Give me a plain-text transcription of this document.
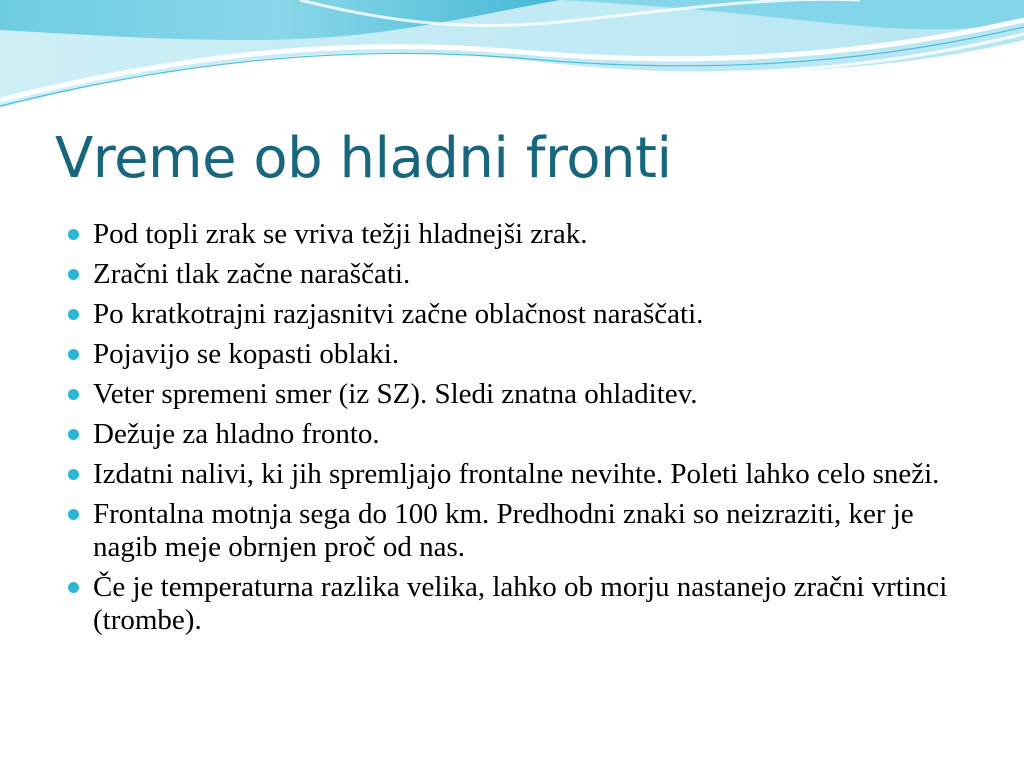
Vreme ob hladni fronti
Pod topli zrak se vriva težji hladnejši zrak.
Zračni tlak začne naraščati.
Po kratkotrajni razjasnitvi začne oblačnost naraščati.
Pojavijo se kopasti oblaki.
Veter spremeni smer (iz SZ). Sledi znatna ohladitev.
Dežuje za hladno fronto.
Izdatni nalivi, ki jih spremljajo frontalne nevihte. Poleti lahko celo sneži.
Frontalna motnja sega do 100 km. Predhodni znaki so neizraziti, ker je nagib meje obrnjen proč od nas.
Če je temperaturna razlika velika, lahko ob morju nastanejo zračni vrtinci (trombe).
